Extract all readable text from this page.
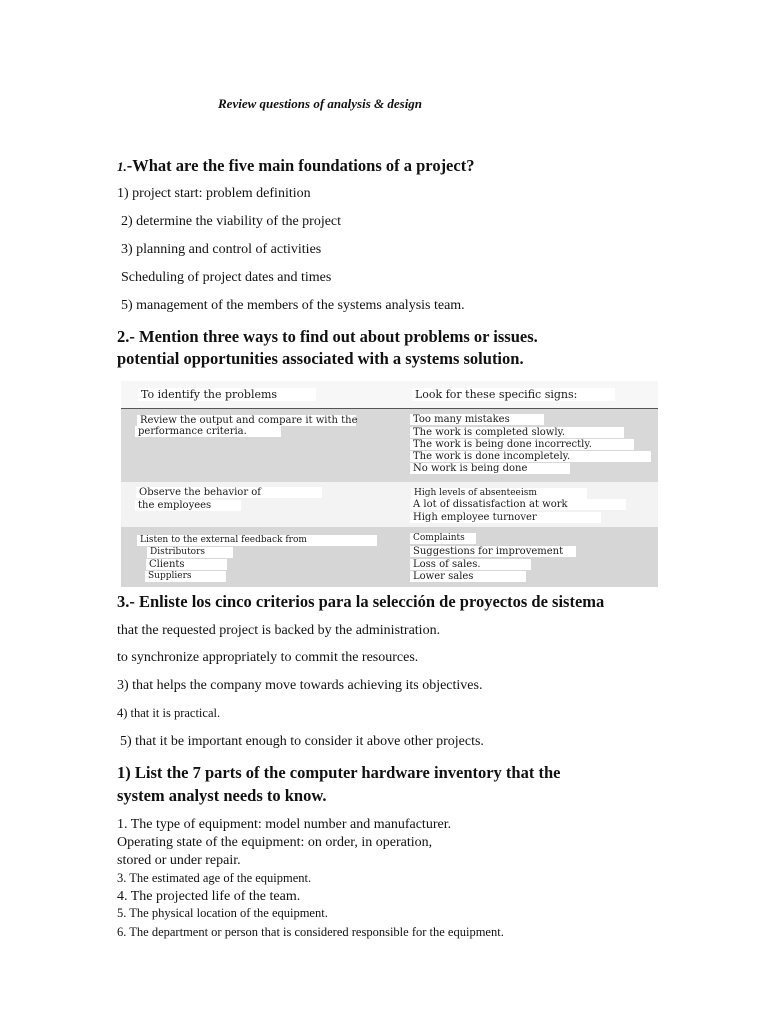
Review questions of analysis & design
1.-What are the five main foundations of a project?
1) project start: problem definition
2) determine the viability of the project
3) planning and control of activities
Scheduling of project dates and times
5) management of the members of the systems analysis team.
2.- Mention three ways to find out about problems or issues.
potential opportunities associated with a systems solution.
To identify the problems	Look for these specific signs:
Review the output and compare it with the
performance criteria.
Too many mistakes
The work is completed slowly.
The work is being done incorrectly.
The work is done incompletely.
No work is being done
Observe the behavior of
the employees
High levels of absenteeism
A lot of dissatisfaction at work
High employee turnover
Listen to the external feedback from
Distributors
Clients
Suppliers
Complaints
Suggestions for improvement
Loss of sales.
Lower sales
3.- Enliste los cinco criterios para la selección de proyectos de sistema
that the requested project is backed by the administration.
to synchronize appropriately to commit the resources.
3) that helps the company move towards achieving its objectives.
4) that it is practical.
5) that it be important enough to consider it above other projects.
1) List the 7 parts of the computer hardware inventory that the
system analyst needs to know.
1. The type of equipment: model number and manufacturer.
Operating state of the equipment: on order, in operation,
stored or under repair.
3. The estimated age of the equipment.
4. The projected life of the team.
5. The physical location of the equipment.
6. The department or person that is considered responsible for the equipment.
